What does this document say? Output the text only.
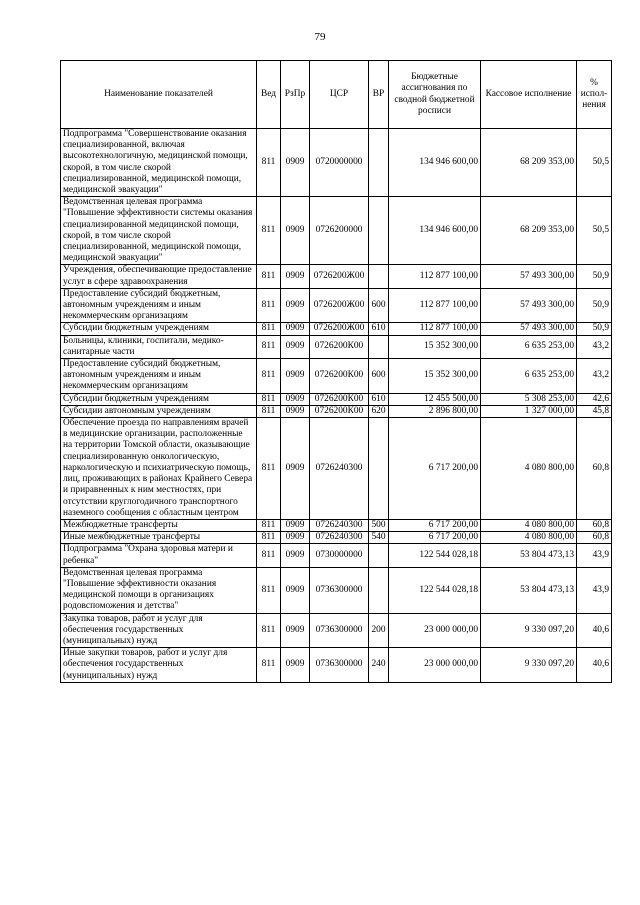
79
Наименование показателей	Вед	РзПр	ЦСР	ВР	Бюджетные ассигнования по сводной бюджетной росписи	Кассовое исполнение	% испол-нения
Подпрограмма "Совершенствование оказания специализированной, включая высокотехнологичную, медицинской помощи, скорой, в том числе скорой специализированной, медицинской помощи, медицинской эвакуации"	811	0909	0720000000		134 946 600,00	68 209 353,00	50,5
Ведомственная целевая программа "Повышение эффективности системы оказания специализированной медицинской помощи, скорой, в том числе скорой специализированной, медицинской помощи, медицинской эвакуации"	811	0909	0726200000		134 946 600,00	68 209 353,00	50,5
Учреждения, обеспечивающие предоставление услуг в сфере здравоохранения	811	0909	0726200Ж00		112 877 100,00	57 493 300,00	50,9
Предоставление субсидий бюджетным, автономным учреждениям и иным некоммерческим организациям	811	0909	0726200Ж00	600	112 877 100,00	57 493 300,00	50,9
Субсидии бюджетным учреждениям	811	0909	0726200Ж00	610	112 877 100,00	57 493 300,00	50,9
Больницы, клиники, госпитали, медико-санитарные части	811	0909	0726200К00		15 352 300,00	6 635 253,00	43,2
Предоставление субсидий бюджетным, автономным учреждениям и иным некоммерческим организациям	811	0909	0726200К00	600	15 352 300,00	6 635 253,00	43,2
Субсидии бюджетным учреждениям	811	0909	0726200К00	610	12 455 500,00	5 308 253,00	42,6
Субсидии автономным учреждениям	811	0909	0726200К00	620	2 896 800,00	1 327 000,00	45,8
Обеспечение проезда по направлениям врачей в медицинские организации, расположенные на территории Томской области, оказывающие специализированную онкологическую, наркологическую и психиатрическую помощь, лиц, проживающих в районах Крайнего Севера и приравненных к ним местностях, при отсутствии круглогодичного транспортного наземного сообщения с областным центром	811	0909	0726240300		6 717 200,00	4 080 800,00	60,8
Межбюджетные трансферты	811	0909	0726240300	500	6 717 200,00	4 080 800,00	60,8
Иные межбюджетные трансферты	811	0909	0726240300	540	6 717 200,00	4 080 800,00	60,8
Подпрограмма "Охрана здоровья матери и ребенка"	811	0909	0730000000		122 544 028,18	53 804 473,13	43,9
Ведомственная целевая программа "Повышение эффективности оказания медицинской помощи в организациях родовспоможения и детства"	811	0909	0736300000		122 544 028,18	53 804 473,13	43,9
Закупка товаров, работ и услуг для обеспечения государственных (муниципальных) нужд	811	0909	0736300000	200	23 000 000,00	9 330 097,20	40,6
Иные закупки товаров, работ и услуг для обеспечения государственных (муниципальных) нужд	811	0909	0736300000	240	23 000 000,00	9 330 097,20	40,6
